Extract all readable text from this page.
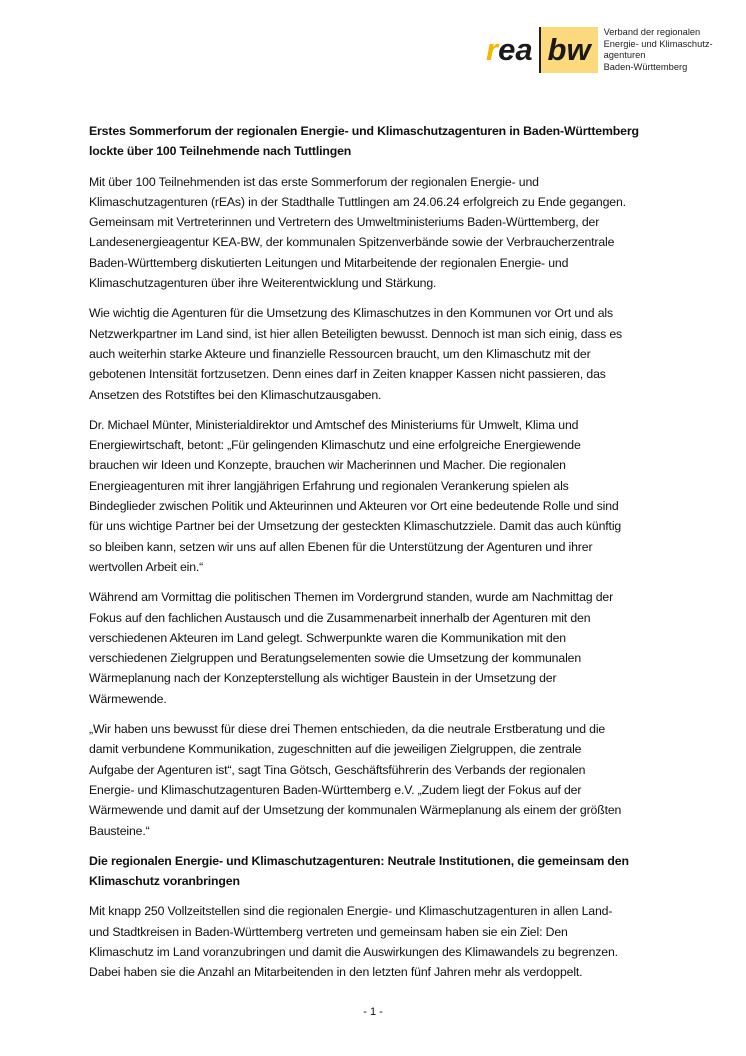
rea bw	Verband der regionalen
Energie- und Klimaschutz-
agenturen
Baden-Württemberg
Erstes Sommerforum der regionalen Energie- und Klimaschutzagenturen in Baden-Württemberg
lockte über 100 Teilnehmende nach Tuttlingen
Mit über 100 Teilnehmenden ist das erste Sommerforum der regionalen Energie- und
Klimaschutzagenturen (rEAs) in der Stadthalle Tuttlingen am 24.06.24 erfolgreich zu Ende gegangen.
Gemeinsam mit Vertreterinnen und Vertretern des Umweltministeriums Baden-Württemberg, der
Landesenergieagentur KEA-BW, der kommunalen Spitzenverbände sowie der Verbraucherzentrale
Baden-Württemberg diskutierten Leitungen und Mitarbeitende der regionalen Energie- und
Klimaschutzagenturen über ihre Weiterentwicklung und Stärkung.
Wie wichtig die Agenturen für die Umsetzung des Klimaschutzes in den Kommunen vor Ort und als
Netzwerkpartner im Land sind, ist hier allen Beteiligten bewusst. Dennoch ist man sich einig, dass es
auch weiterhin starke Akteure und finanzielle Ressourcen braucht, um den Klimaschutz mit der
gebotenen Intensität fortzusetzen. Denn eines darf in Zeiten knapper Kassen nicht passieren, das
Ansetzen des Rotstiftes bei den Klimaschutzausgaben.
Dr. Michael Münter, Ministerialdirektor und Amtschef des Ministeriums für Umwelt, Klima und
Energiewirtschaft, betont: „Für gelingenden Klimaschutz und eine erfolgreiche Energiewende
brauchen wir Ideen und Konzepte, brauchen wir Macherinnen und Macher. Die regionalen
Energieagenturen mit ihrer langjährigen Erfahrung und regionalen Verankerung spielen als
Bindeglieder zwischen Politik und Akteurinnen und Akteuren vor Ort eine bedeutende Rolle und sind
für uns wichtige Partner bei der Umsetzung der gesteckten Klimaschutzziele. Damit das auch künftig
so bleiben kann, setzen wir uns auf allen Ebenen für die Unterstützung der Agenturen und ihrer
wertvollen Arbeit ein.“
Während am Vormittag die politischen Themen im Vordergrund standen, wurde am Nachmittag der
Fokus auf den fachlichen Austausch und die Zusammenarbeit innerhalb der Agenturen mit den
verschiedenen Akteuren im Land gelegt. Schwerpunkte waren die Kommunikation mit den
verschiedenen Zielgruppen und Beratungselementen sowie die Umsetzung der kommunalen
Wärmeplanung nach der Konzepterstellung als wichtiger Baustein in der Umsetzung der
Wärmewende.
„Wir haben uns bewusst für diese drei Themen entschieden, da die neutrale Erstberatung und die
damit verbundene Kommunikation, zugeschnitten auf die jeweiligen Zielgruppen, die zentrale
Aufgabe der Agenturen ist“, sagt Tina Götsch, Geschäftsführerin des Verbands der regionalen
Energie- und Klimaschutzagenturen Baden-Württemberg e.V. „Zudem liegt der Fokus auf der
Wärmewende und damit auf der Umsetzung der kommunalen Wärmeplanung als einem der größten
Bausteine.“
Die regionalen Energie- und Klimaschutzagenturen: Neutrale Institutionen, die gemeinsam den
Klimaschutz voranbringen
Mit knapp 250 Vollzeitstellen sind die regionalen Energie- und Klimaschutzagenturen in allen Land-
und Stadtkreisen in Baden-Württemberg vertreten und gemeinsam haben sie ein Ziel: Den
Klimaschutz im Land voranzubringen und damit die Auswirkungen des Klimawandels zu begrenzen.
Dabei haben sie die Anzahl an Mitarbeitenden in den letzten fünf Jahren mehr als verdoppelt.
- 1 -
